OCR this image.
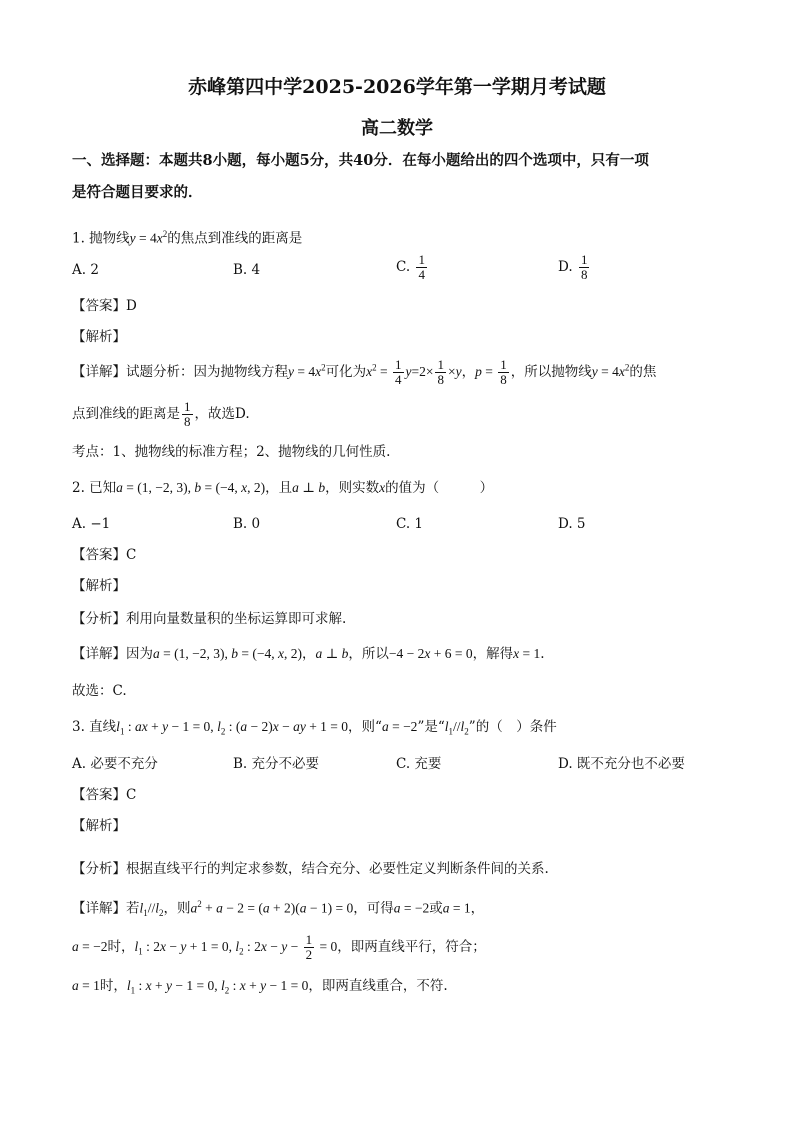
赤峰第四中学2025-2026学年第一学期月考试题
高二数学
一、选择题：本题共8小题，每小题5分，共40分．在每小题给出的四个选项中，只有一项
是符合题目要求的．
1. 抛物线$y = 4x^2$的焦点到准线的距离是
A. 2	B. 4	C. $\frac{1}{4}$	D. $\frac{1}{8}$
【答案】D
【解析】
【详解】试题分析：因为抛物线方程$y = 4x^2$可化为$x^2 = \frac{1}{4} y=2\times \frac{1}{8} \times y$，$p = \frac{1}{8}$ ，所以抛物线$y = 4x^2$的焦
点到准线的距离是 $\frac{1}{8}$ ，故选D.
考点：1、抛物线的标准方程；2、抛物线的几何性质.
2. 已知a = (1, −2, 3), b = (−4, x, 2)，且a ⊥ b，则实数x的值为（　　　）
A. −1	B. 0	C. 1	D. 5
【答案】C
【解析】
【分析】利用向量数量积的坐标运算即可求解.
【详解】因为a = (1, −2, 3), b = (−4, x, 2)，a ⊥ b，所以−4 − 2x + 6 = 0，解得x = 1.
故选：C.
3. 直线$l_1$ : ax + y − 1 = 0, $l_2$ : (a − 2)x − ay + 1 = 0，则“a = −2”是“$l_1//l_2$”的（　）条件
A. 必要不充分	B. 充分不必要	C. 充要	D. 既不充分也不必要
【答案】C
【解析】
【分析】根据直线平行的判定求参数，结合充分、必要性定义判断条件间的关系.
【详解】若$l_1//l_2$，则$a^2 + a - 2 = (a + 2)(a - 1) = 0$，可得a = −2或a = 1，
a = −2时，$l_1$ : 2x − y + 1 = 0, $l_2$ : $2x - y - \frac{1}{2} = 0$，即两直线平行，符合；
a = 1时，$l_1$ : x + y − 1 = 0, $l_2$ : x + y − 1 = 0，即两直线重合，不符.
